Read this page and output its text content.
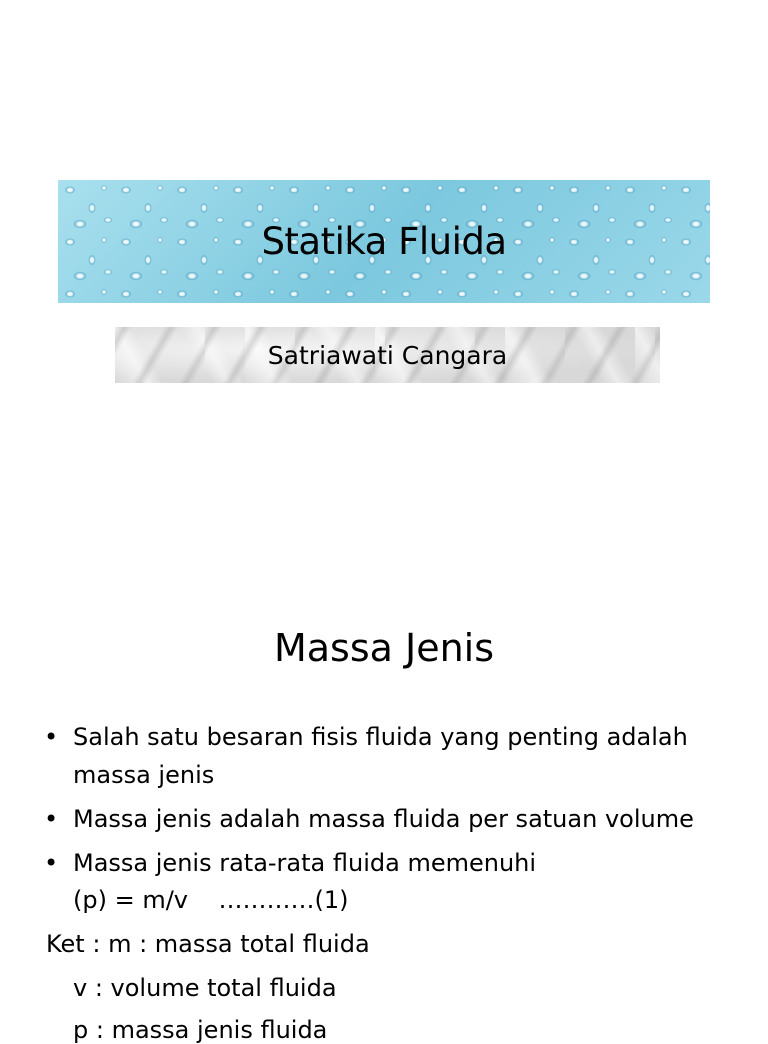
Statika Fluida
Satriawati Cangara
Massa Jenis
• Salah satu besaran fisis fluida yang penting adalah massa jenis
• Massa jenis adalah massa fluida per satuan volume
• Massa jenis rata-rata fluida memenuhi
(p) = m/v    …………(1)
Ket : m : massa total fluida
v : volume total fluida
p : massa jenis fluida
